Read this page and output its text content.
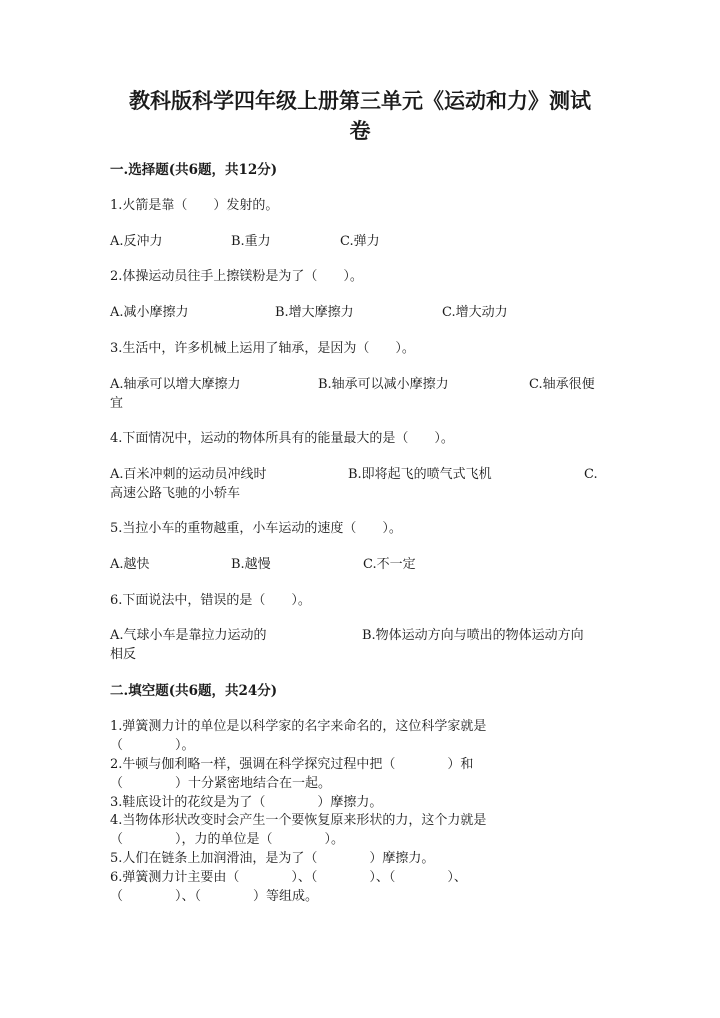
教科版科学四年级上册第三单元《运动和力》测试
卷
一.选择题(共6题，共12分)
1.火箭是靠（　　）发射的。
A.反冲力	B.重力	C.弹力
2.体操运动员往手上擦镁粉是为了（　　）。
A.减小摩擦力	B.增大摩擦力	C.增大动力
3.生活中，许多机械上运用了轴承，是因为（　　）。
A.轴承可以增大摩擦力	B.轴承可以减小摩擦力	C.轴承很便
宜
4.下面情况中，运动的物体所具有的能量最大的是（　　）。
A.百米冲刺的运动员冲线时	B.即将起飞的喷气式飞机	C.
高速公路飞驰的小轿车
5.当拉小车的重物越重，小车运动的速度（　　）。
A.越快	B.越慢	C.不一定
6.下面说法中，错误的是（　　）。
A.气球小车是靠拉力运动的	B.物体运动方向与喷出的物体运动方向
相反
二.填空题(共6题，共24分)
1.弹簧测力计的单位是以科学家的名字来命名的，这位科学家就是
（　　　　）。
2.牛顿与伽利略一样，强调在科学探究过程中把（　　　　）和
（　　　　）十分紧密地结合在一起。
3.鞋底设计的花纹是为了（　　　　）摩擦力。
4.当物体形状改变时会产生一个要恢复原来形状的力，这个力就是
（　　　　），力的单位是（　　　　）。
5.人们在链条上加润滑油，是为了（　　　　）摩擦力。
6.弹簧测力计主要由（　　　　）、（　　　　）、（　　　　）、
（　　　　）、（　　　　）等组成。
